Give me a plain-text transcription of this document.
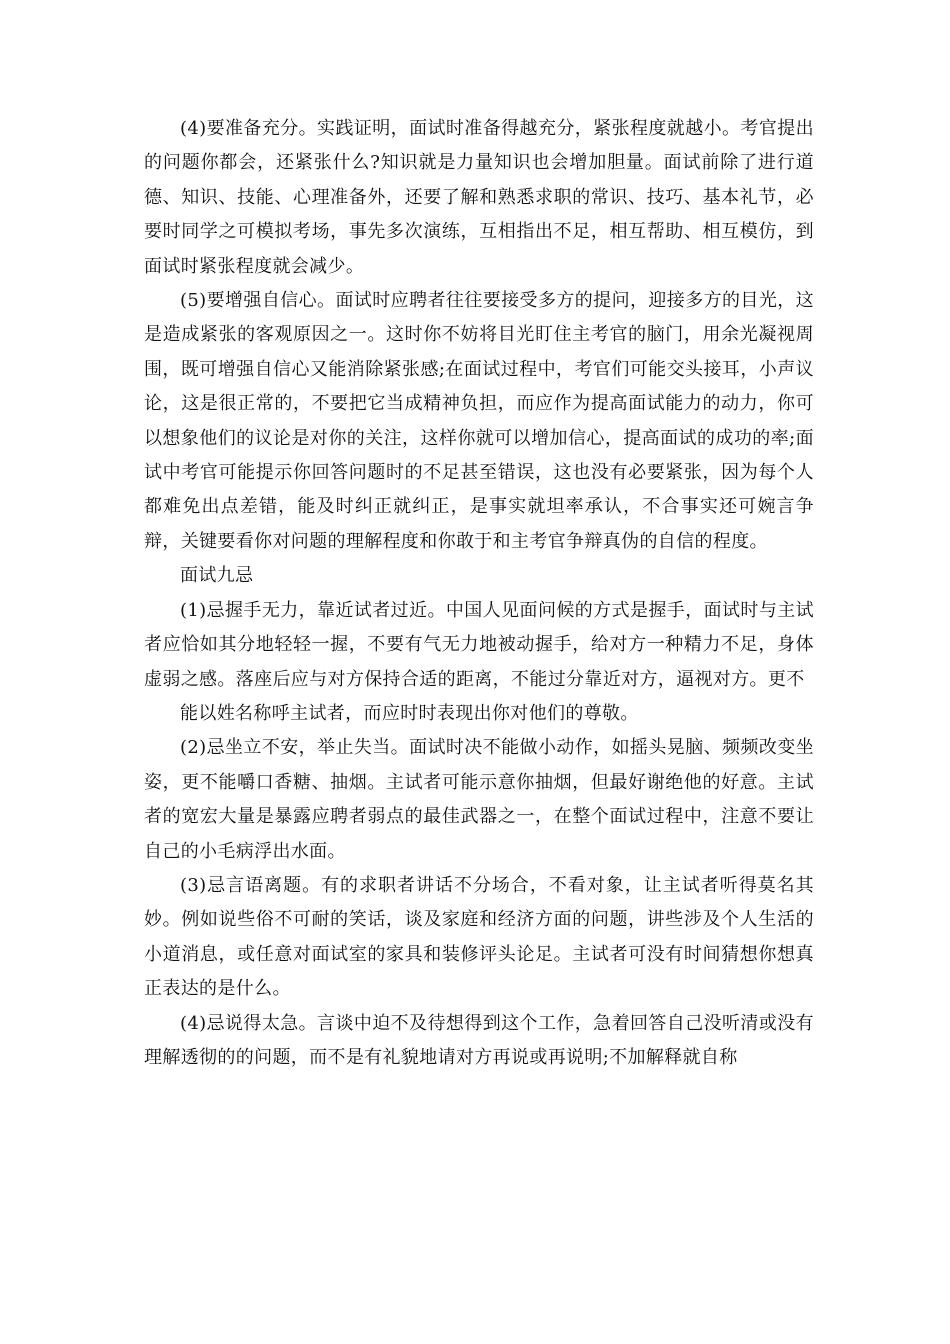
(4)要准备充分。实践证明，面试时准备得越充分，紧张程度就越小。考官提出的问题你都会，还紧张什么?知识就是力量知识也会增加胆量。面试前除了进行道德、知识、技能、心理准备外，还要了解和熟悉求职的常识、技巧、基本礼节，必要时同学之可模拟考场，事先多次演练，互相指出不足，相互帮助、相互模仿，到面试时紧张程度就会减少。

(5)要增强自信心。面试时应聘者往往要接受多方的提问，迎接多方的目光，这是造成紧张的客观原因之一。这时你不妨将目光盯住主考官的脑门，用余光凝视周围，既可增强自信心又能消除紧张感;在面试过程中，考官们可能交头接耳，小声议论，这是很正常的，不要把它当成精神负担，而应作为提高面试能力的动力，你可以想象他们的议论是对你的关注，这样你就可以增加信心，提高面试的成功的率;面试中考官可能提示你回答问题时的不足甚至错误，这也没有必要紧张，因为每个人都难免出点差错，能及时纠正就纠正，是事实就坦率承认，不合事实还可婉言争辩，关键要看你对问题的理解程度和你敢于和主考官争辩真伪的自信的程度。

面试九忌

(1)忌握手无力，靠近试者过近。中国人见面问候的方式是握手，面试时与主试者应恰如其分地轻轻一握，不要有气无力地被动握手，给对方一种精力不足，身体虚弱之感。落座后应与对方保持合适的距离，不能过分靠近对方，逼视对方。更不

能以姓名称呼主试者，而应时时表现出你对他们的尊敬。

(2)忌坐立不安，举止失当。面试时决不能做小动作，如摇头晃脑、频频改变坐姿，更不能嚼口香糖、抽烟。主试者可能示意你抽烟，但最好谢绝他的好意。主试者的宽宏大量是暴露应聘者弱点的最佳武器之一，在整个面试过程中，注意不要让自己的小毛病浮出水面。

(3)忌言语离题。有的求职者讲话不分场合，不看对象，让主试者听得莫名其妙。例如说些俗不可耐的笑话，谈及家庭和经济方面的问题，讲些涉及个人生活的小道消息，或任意对面试室的家具和装修评头论足。主试者可没有时间猜想你想真正表达的是什么。

(4)忌说得太急。言谈中迫不及待想得到这个工作，急着回答自己没听清或没有理解透彻的的问题，而不是有礼貌地请对方再说或再说明;不加解释就自称
